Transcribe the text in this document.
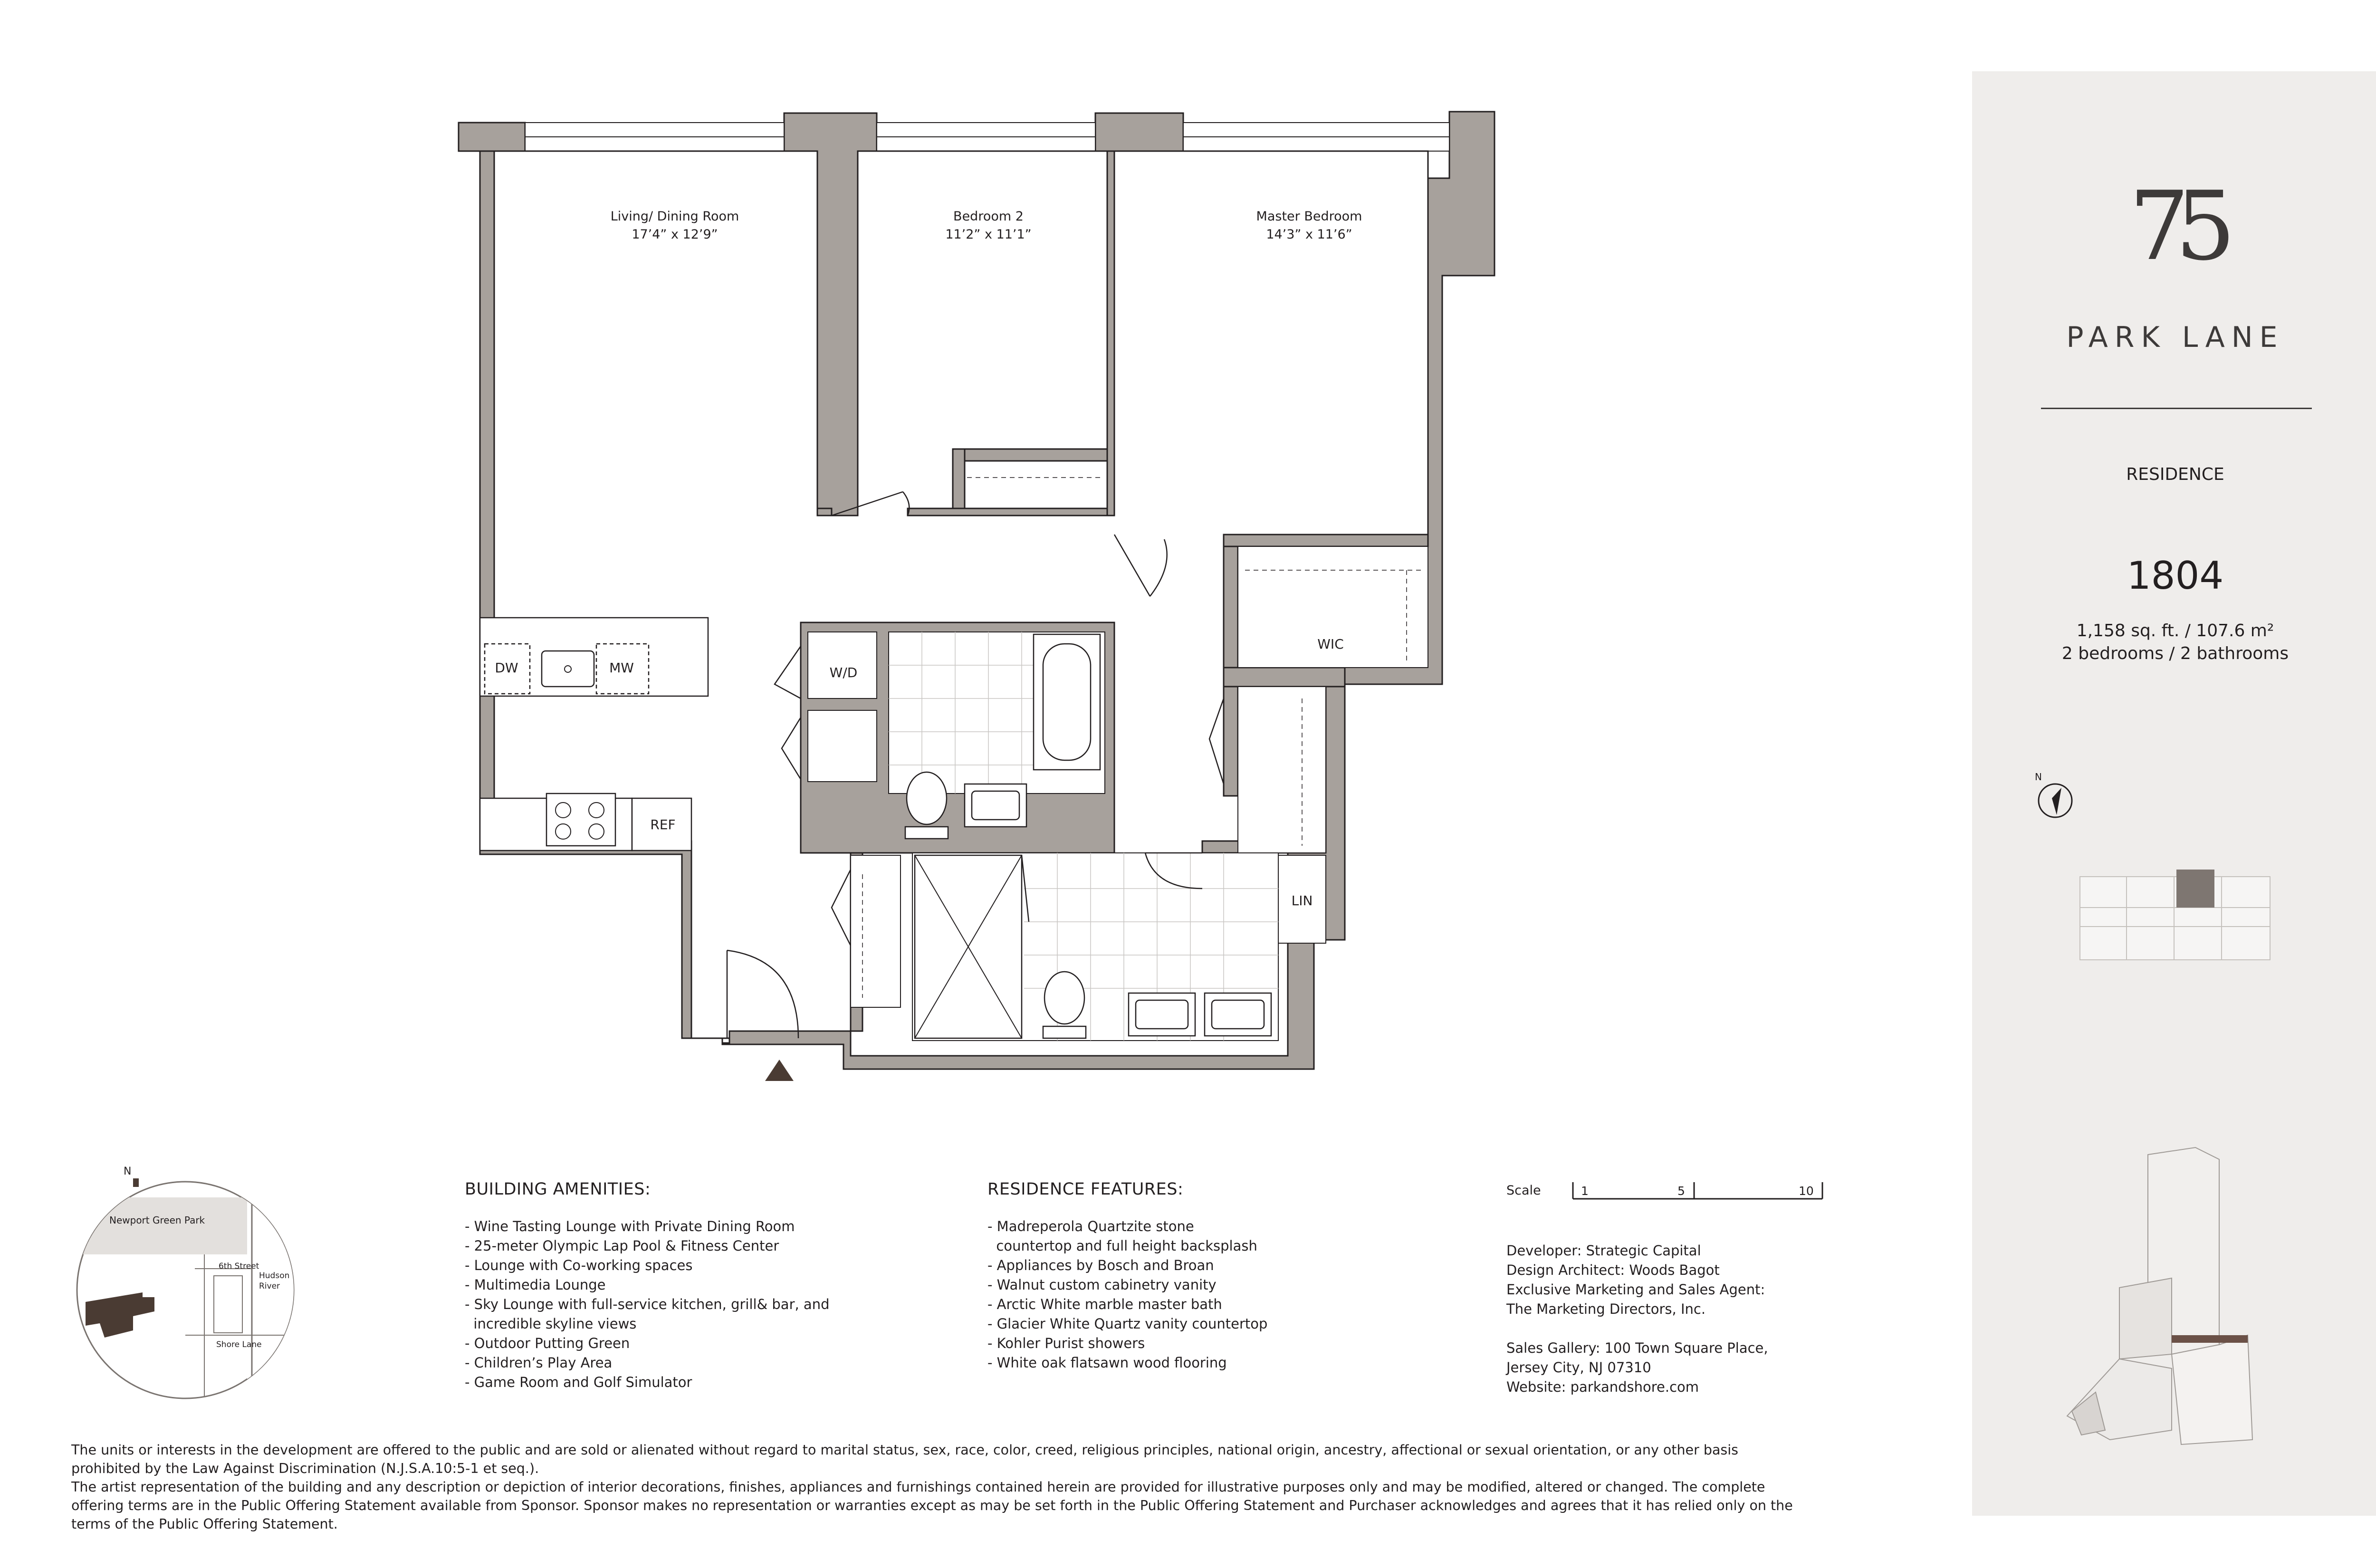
Living/ Dining Room
17’4” x 12’9”
Bedroom 2
11’2” x 11’1”
Master Bedroom
14’3” x 11’6”
WIC
LIN
W/D
REF
DW	MW
75
PARK LANE
RESIDENCE
1804
1,158 sq. ft. / 107.6 m²
2 bedrooms / 2 bathrooms
N
N
Newport Green Park
6th Street
Shore Lane
Hudson
River
BUILDING AMENITIES:
- Wine Tasting Lounge with Private Dining Room
- 25-meter Olympic Lap Pool & Fitness Center
- Lounge with Co-working spaces
- Multimedia Lounge
- Sky Lounge with full-service kitchen, grill& bar, and
incredible skyline views
- Outdoor Putting Green
- Children’s Play Area
- Game Room and Golf Simulator
RESIDENCE FEATURES:
- Madreperola Quartzite stone
countertop and full height backsplash
- Appliances by Bosch and Broan
- Walnut custom cabinetry vanity
- Arctic White marble master bath
- Glacier White Quartz vanity countertop
- Kohler Purist showers
- White oak flatsawn wood flooring
Scale	1	5	10
Developer: Strategic Capital
Design Architect: Woods Bagot
Exclusive Marketing and Sales Agent:
The Marketing Directors, Inc.
Sales Gallery: 100 Town Square Place,
Jersey City, NJ 07310
Website: parkandshore.com

The units or interests in the development are offered to the public and are sold or alienated without regard to marital status, sex, race, color, creed, religious principles, national origin, ancestry, affectional or sexual orientation, or any other basis prohibited by the Law Against Discrimination (N.J.S.A.10:5-1 et seq.).

The artist representation of the building and any description or depiction of interior decorations, finishes, appliances and furnishings contained herein are provided for illustrative purposes only and may be modified, altered or changed. The complete offering terms are in the Public Offering Statement available from Sponsor. Sponsor makes no representation or warranties except as may be set forth in the Public Offering Statement and Purchaser acknowledges and agrees that it has relied only on the terms of the Public Offering Statement.
